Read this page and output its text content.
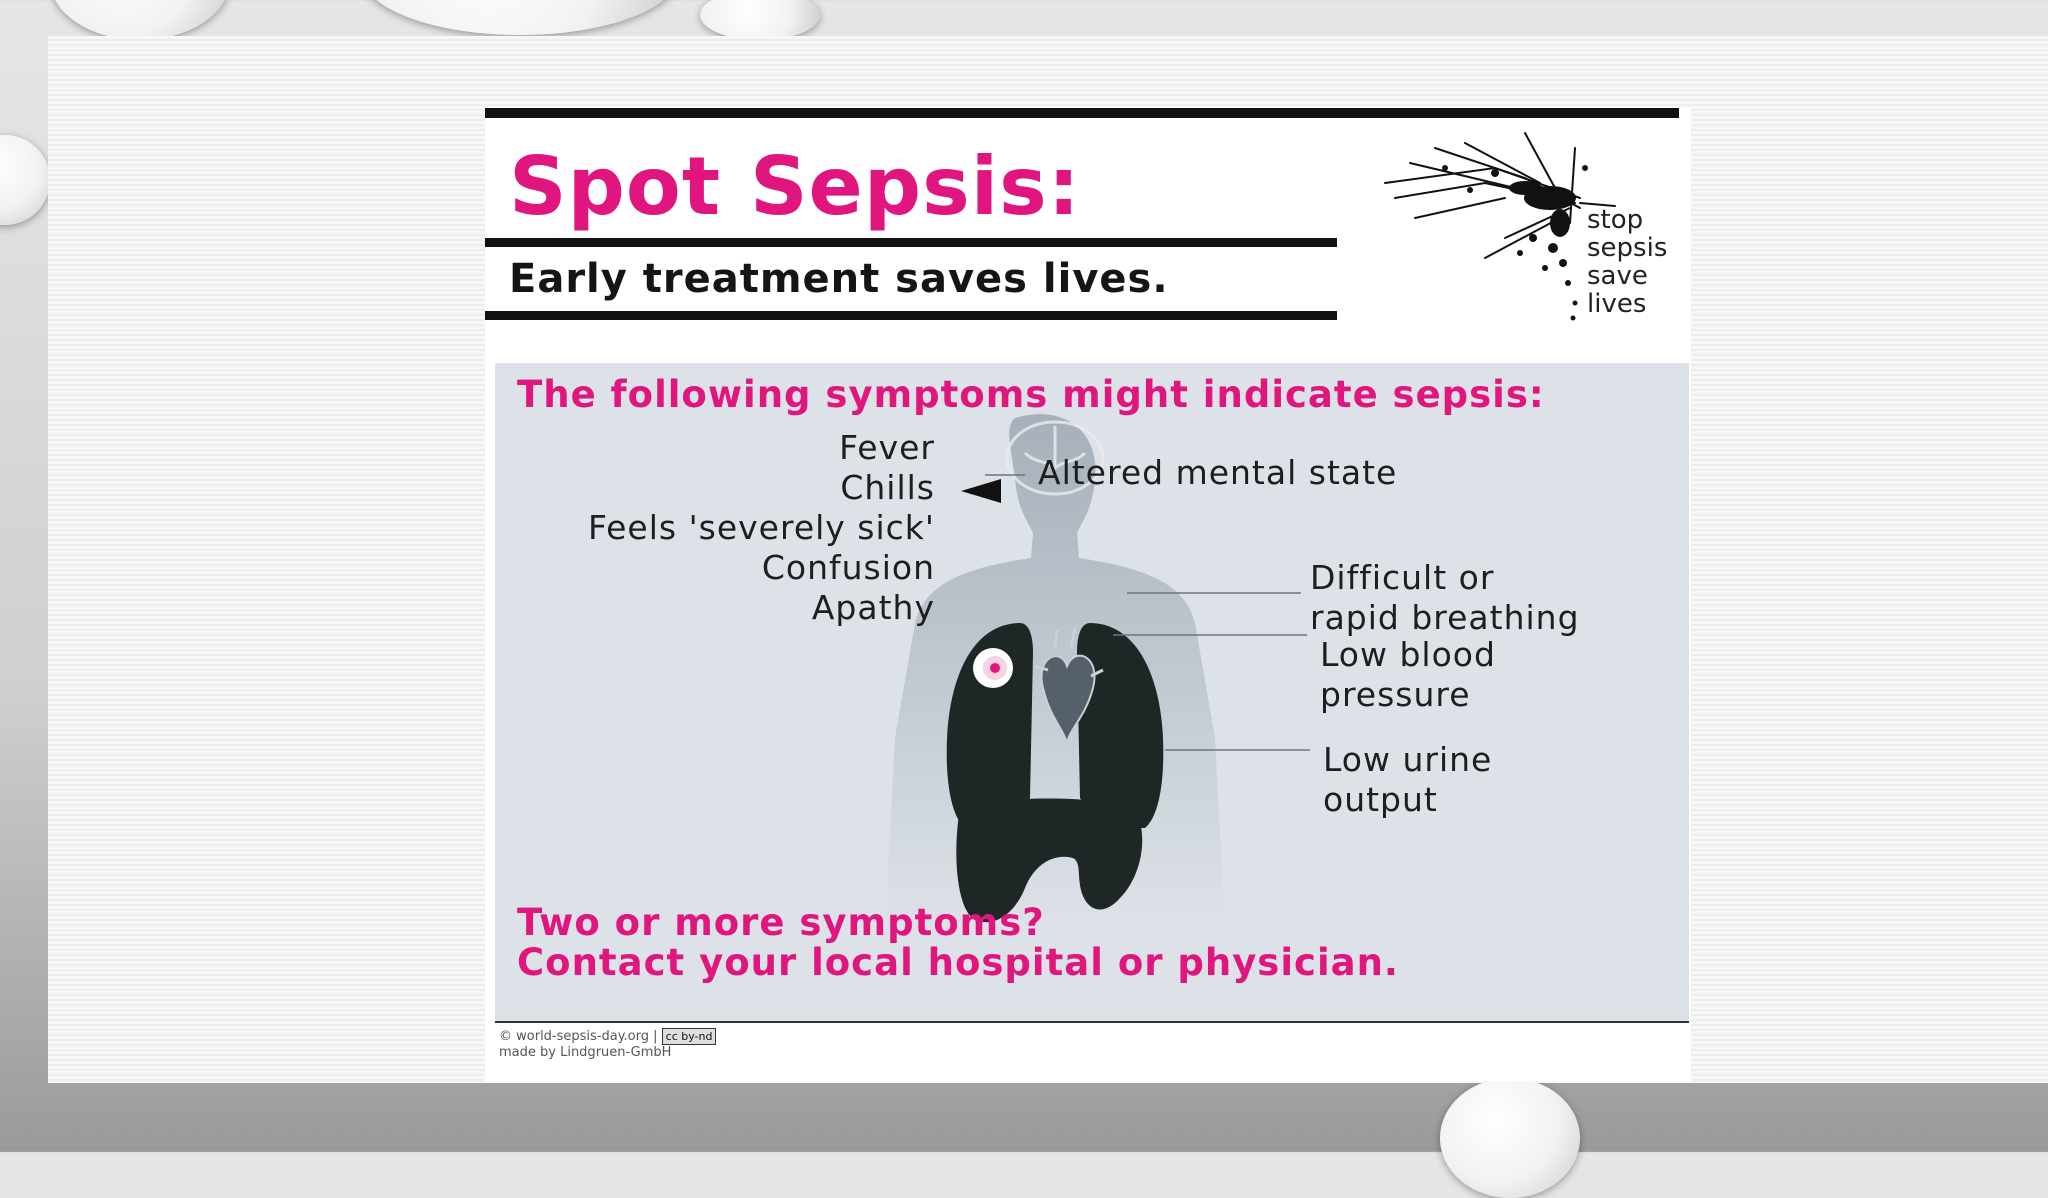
Spot Sepsis:
Early treatment saves lives.
stop
sepsis
save
lives
The following symptoms might indicate sepsis:
Fever
Chills
Feels 'severely sick'
Confusion
Apathy
Altered mental state
Difficult or
rapid breathing
Low blood
pressure
Low urine
output
Two or more symptoms?
Contact your local hospital or physician.
© world-sepsis-day.org | cc by-nd
made by Lindgruen-GmbH
